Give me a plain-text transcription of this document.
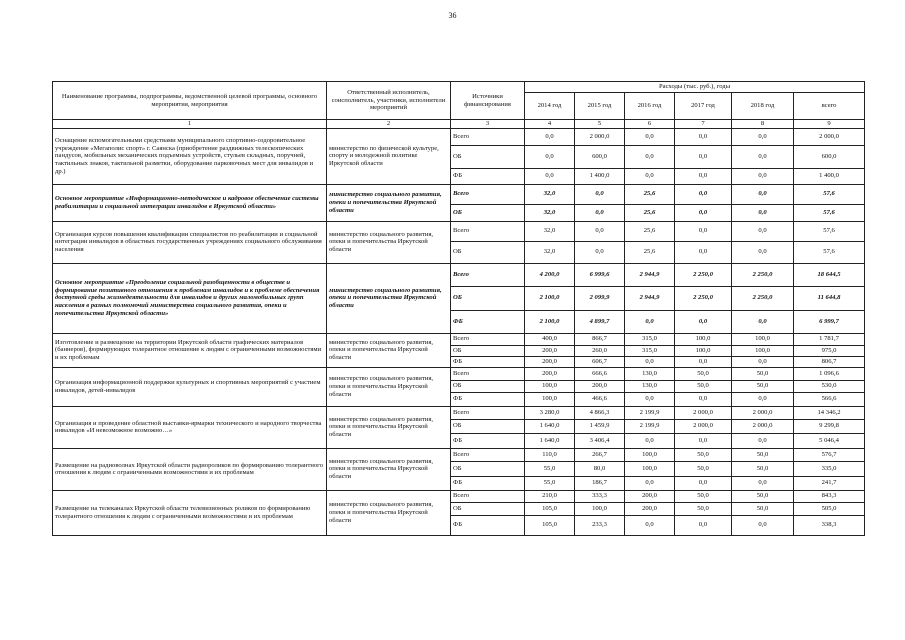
36
Наименование программы, подпрограммы, ведомственной целевой программы, основного мероприятия, мероприятия	Ответственный исполнитель, соисполнитель, участники, исполнители мероприятий	Источники финансирования	Расходы (тыс. руб.), годы					
			2014 год	2015 год	2016 год	2017 год	2018 год	всего
1	2	3	4	5	6	7	8	9
Оснащение вспомогательными средствами муниципального спортивно-оздоровительное учреждение «Мегаполис спорт» г. Саянска (приобретение раздвижных телескопических пандусов, мобильных механических подъемных устройств, стульев складных, поручней, тактильных знаков, тактильной разметки, оборудование парковочных мест для инвалидов и др.)	министерство по физической культуре, спорту и молодежной политике Иркутской области	Всего	0,0	2 000,0	0,0	0,0	0,0	2 000,0
		ОБ	0,0	600,0	0,0	0,0	0,0	600,0
		ФБ	0,0	1 400,0	0,0	0,0	0,0	1 400,0
Основное мероприятие «Информационно-методическое и кадровое обеспечение системы реабилитации и социальной интеграции инвалидов в Иркутской области»	министерство социального развития, опеки и попечительства Иркутской области	Всего	32,0	0,0	25,6	0,0	0,0	57,6
		ОБ	32,0	0,0	25,6	0,0	0,0	57,6
Организация курсов повышения квалификации специалистов по реабилитации и социальной интеграции инвалидов в областных государственных учреждениях социального обслуживания населения	министерство социального развития, опеки и попечительства Иркутской области	Всего	32,0	0,0	25,6	0,0	0,0	57,6
		ОБ	32,0	0,0	25,6	0,0	0,0	57,6
Основное мероприятие «Преодоление социальной разобщенности в обществе и формирование позитивного отношения к проблемам инвалидов и к проблеме обеспечения доступной среды жизнедеятельности для инвалидов и других маломобильных групп населения в разных полномочий министерства социального развития, опеки и попечительства Иркутской области»	министерство социального развития, опеки и попечительства Иркутской области	Всего	4 200,0	6 999,6	2 944,9	2 250,0	2 250,0	18 644,5
		ОБ	2 100,0	2 099,9	2 944,9	2 250,0	2 250,0	11 644,8
		ФБ	2 100,0	4 899,7	0,0	0,0	0,0	6 999,7
Изготовление и размещение на территории Иркутской области графических материалов (баннеров), формирующих толерантное отношение к людям с ограниченными возможностями и их проблемам	министерство социального развития, опеки и попечительства Иркутской области	Всего	400,0	866,7	315,0	100,0	100,0	1 781,7
		ОБ	200,0	260,0	315,0	100,0	100,0	975,0
		ФБ	200,0	606,7	0,0	0,0	0,0	806,7
Организация информационной поддержки культурных и спортивных мероприятий с участием инвалидов, детей-инвалидов	министерство социального развития, опеки и попечительства Иркутской области	Всего	200,0	666,6	130,0	50,0	50,0	1 096,6
		ОБ	100,0	200,0	130,0	50,0	50,0	530,0
		ФБ	100,0	466,6	0,0	0,0	0,0	566,6
Организация и проведение областной выставки-ярмарки технического и народного творчества инвалидов «И невозможное возможно…»	министерство социального развития, опеки и попечительства Иркутской области	Всего	3 280,0	4 866,3	2 199,9	2 000,0	2 000,0	14 346,2
		ОБ	1 640,0	1 459,9	2 199,9	2 000,0	2 000,0	9 299,8
		ФБ	1 640,0	3 406,4	0,0	0,0	0,0	5 046,4
Размещение на радиоволнах Иркутской области радиороликов по формированию толерантного отношения к людям с ограниченными возможностями и их проблемам	министерство социального развития, опеки и попечительства Иркутской области	Всего	110,0	266,7	100,0	50,0	50,0	576,7
		ОБ	55,0	80,0	100,0	50,0	50,0	335,0
		ФБ	55,0	186,7	0,0	0,0	0,0	241,7
Размещение на телеканалах Иркутской области телевизионных роликов по формированию толерантного отношения к людям с ограниченными возможностями и их проблемам	министерство социального развития, опеки и попечительства Иркутской области	Всего	210,0	333,3	200,0	50,0	50,0	843,3
		ОБ	105,0	100,0	200,0	50,0	50,0	505,0
		ФБ	105,0	233,3	0,0	0,0	0,0	338,3
